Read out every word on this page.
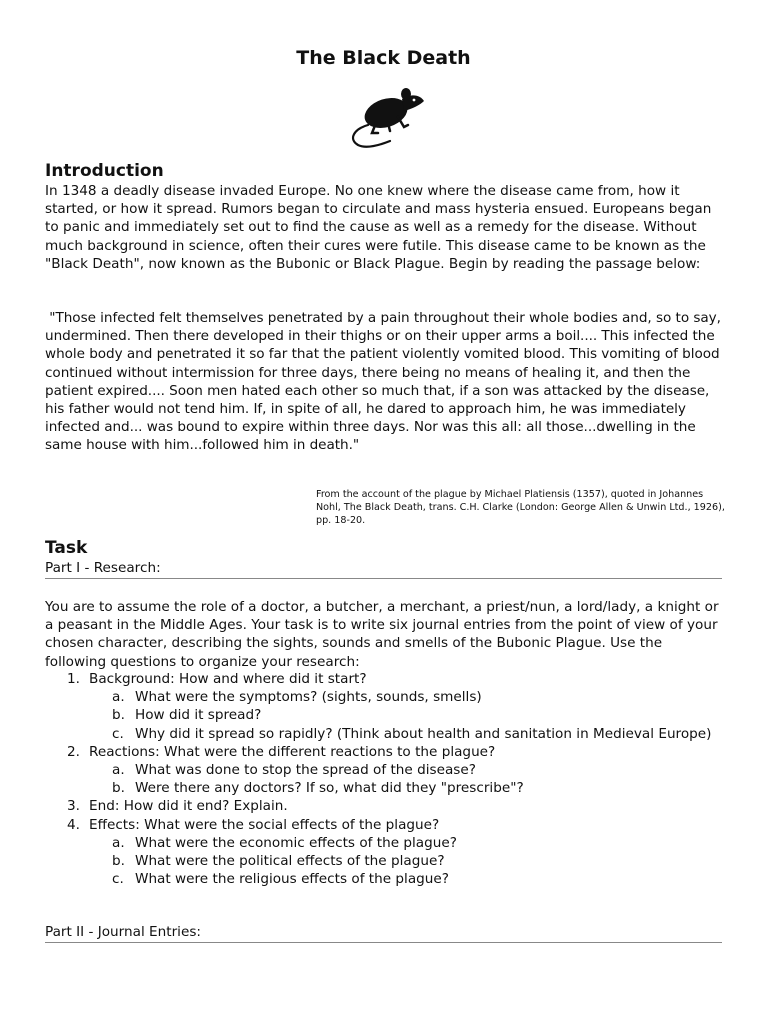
The Black Death
Introduction

In 1348 a deadly disease invaded Europe. No one knew where the disease came from, how it started, or how it spread. Rumors began to circulate and mass hysteria ensued. Europeans began to panic and immediately set out to find the cause as well as a remedy for the disease. Without much background in science, often their cures were futile. This disease came to be known as the "Black Death", now known as the Bubonic or Black Plague. Begin by reading the passage below:

"Those infected felt themselves penetrated by a pain throughout their whole bodies and, so to say, undermined. Then there developed in their thighs or on their upper arms a boil.... This infected the whole body and penetrated it so far that the patient violently vomited blood. This vomiting of blood continued without intermission for three days, there being no means of healing it, and then the patient expired.... Soon men hated each other so much that, if a son was attacked by the disease, his father would not tend him. If, in spite of all, he dared to approach him, he was immediately infected and... was bound to expire within three days. Nor was this all: all those...dwelling in the same house with him...followed him in death."

From the account of the plague by Michael Platiensis (1357), quoted in Johannes Nohl, The Black Death, trans. C.H. Clarke (London: George Allen & Unwin Ltd., 1926), pp. 18-20.
Task
Part I - Research:

You are to assume the role of a doctor, a butcher, a merchant, a priest/nun, a lord/lady, a knight or a peasant in the Middle Ages. Your task is to write six journal entries from the point of view of your chosen character, describing the sights, sounds and smells of the Bubonic Plague. Use the following questions to organize your research:

1. Background: How and where did it start?
a. What were the symptoms? (sights, sounds, smells)
b. How did it spread?
c. Why did it spread so rapidly? (Think about health and sanitation in Medieval Europe)
2. Reactions: What were the different reactions to the plague?
a. What was done to stop the spread of the disease?
b. Were there any doctors? If so, what did they "prescribe"?
3. End: How did it end? Explain.
4. Effects: What were the social effects of the plague?
a. What were the economic effects of the plague?
b. What were the political effects of the plague?
c. What were the religious effects of the plague?
Part II - Journal Entries:
